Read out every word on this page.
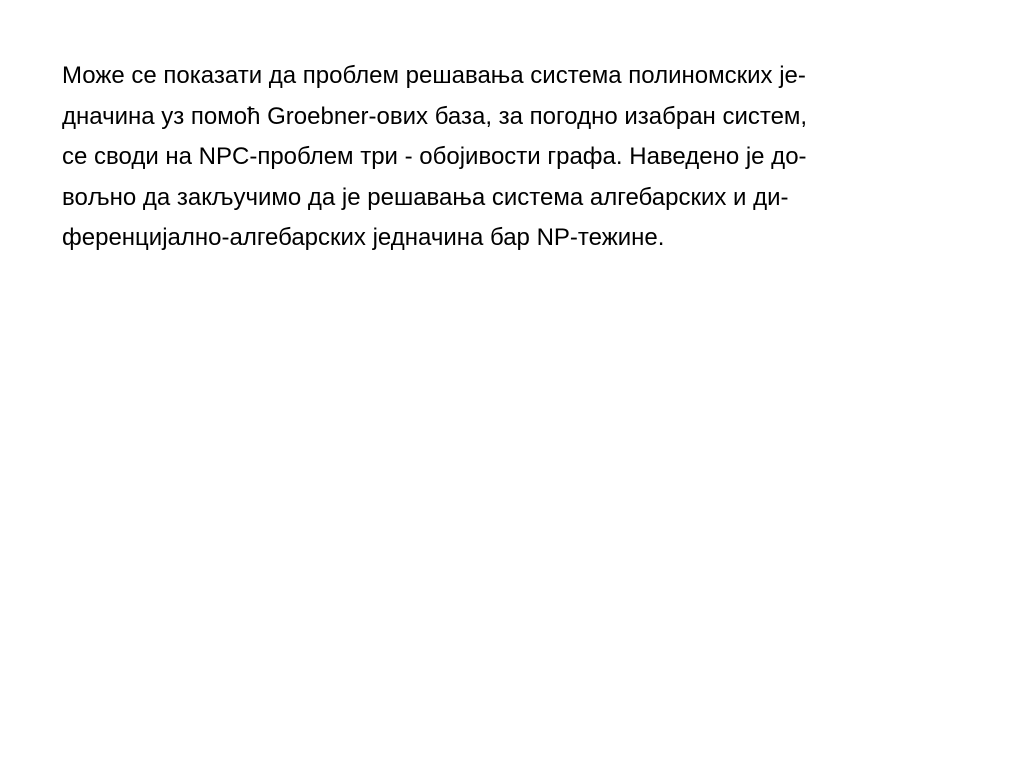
Може се показати да проблем решавања система полиномских је-
дначина уз помоћ Groebner-ових база, за погодно изабран систем,
се своди на NPC-проблем три - обојивости графа. Наведено је до-
вољно да закључимо да је решавања система алгебарских и ди-
ференцијално-алгебарских једначина бар NP-тежине.
